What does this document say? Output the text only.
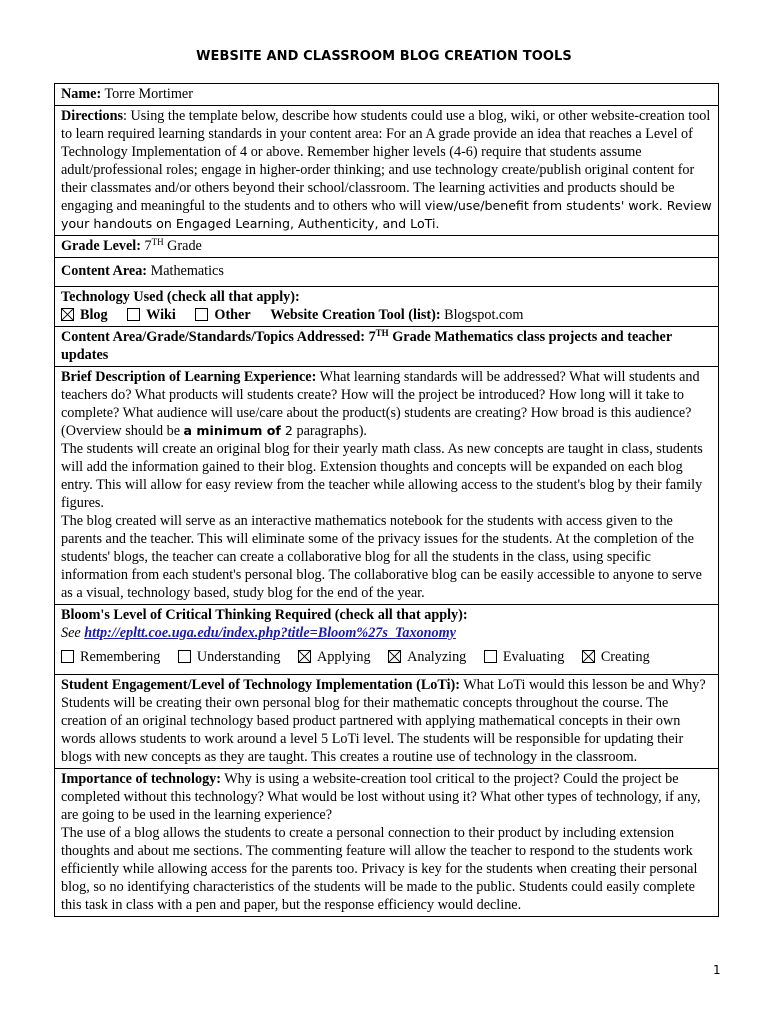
WEBSITE AND CLASSROOM BLOG CREATION TOOLS
Name: Torre Mortimer
Directions: Using the template below, describe how students could use a blog, wiki, or other website-creation tool to learn required learning standards in your content area: For an A grade provide an idea that reaches a Level of Technology Implementation of 4 or above. Remember higher levels (4-6) require that students assume adult/professional roles; engage in higher-order thinking; and use technology create/publish original content for their classmates and/or others beyond their school/classroom. The learning activities and products should be engaging and meaningful to the students and to others who will view/use/benefit from students' work. Review your handouts on Engaged Learning, Authenticity, and LoTi.
Grade Level: 7TH Grade
Content Area: Mathematics

Technology Used (check all that apply):
Blog	Wiki	Other Website Creation Tool (list): Blogspot.com

Content Area/Grade/Standards/Topics Addressed: 7TH Grade Mathematics class projects and teacher updates

Brief Description of Learning Experience: What learning standards will be addressed? What will students and teachers do? What products will students create? How will the project be introduced? How long will it take to complete? What audience will use/care about the product(s) students are creating? How broad is this audience? (Overview should be a minimum of 2 paragraphs).
The students will create an original blog for their yearly math class. As new concepts are taught in class, students will add the information gained to their blog. Extension thoughts and concepts will be expanded on each blog entry. This will allow for easy review from the teacher while allowing access to the student's blog by their family figures.
The blog created will serve as an interactive mathematics notebook for the students with access given to the parents and the teacher. This will eliminate some of the privacy issues for the students. At the completion of the students' blogs, the teacher can create a collaborative blog for all the students in the class, using specific information from each student's personal blog. The collaborative blog can be easily accessible to anyone to serve as a visual, technology based, study blog for the end of the year.

Bloom's Level of Critical Thinking Required (check all that apply):
See http://epltt.coe.uga.edu/index.php?title=Bloom%27s_Taxonomy
Remembering	Understanding	Applying	Analyzing	Evaluating	Creating

Student Engagement/Level of Technology Implementation (LoTi): What LoTi would this lesson be and Why?
Students will be creating their own personal blog for their mathematic concepts throughout the course. The creation of an original technology based product partnered with applying mathematical concepts in their own words allows students to work around a level 5 LoTi level. The students will be responsible for updating their blogs with new concepts as they are taught. This creates a routine use of technology in the classroom.

Importance of technology: Why is using a website-creation tool critical to the project? Could the project be completed without this technology? What would be lost without using it? What other types of technology, if any, are going to be used in the learning experience?
The use of a blog allows the students to create a personal connection to their product by including extension thoughts and about me sections. The commenting feature will allow the teacher to respond to the students work efficiently while allowing access for the parents too. Privacy is key for the students when creating their personal blog, so no identifying characteristics of the students will be made to the public. Students could easily complete this task in class with a pen and paper, but the response efficiency would decline.
1
